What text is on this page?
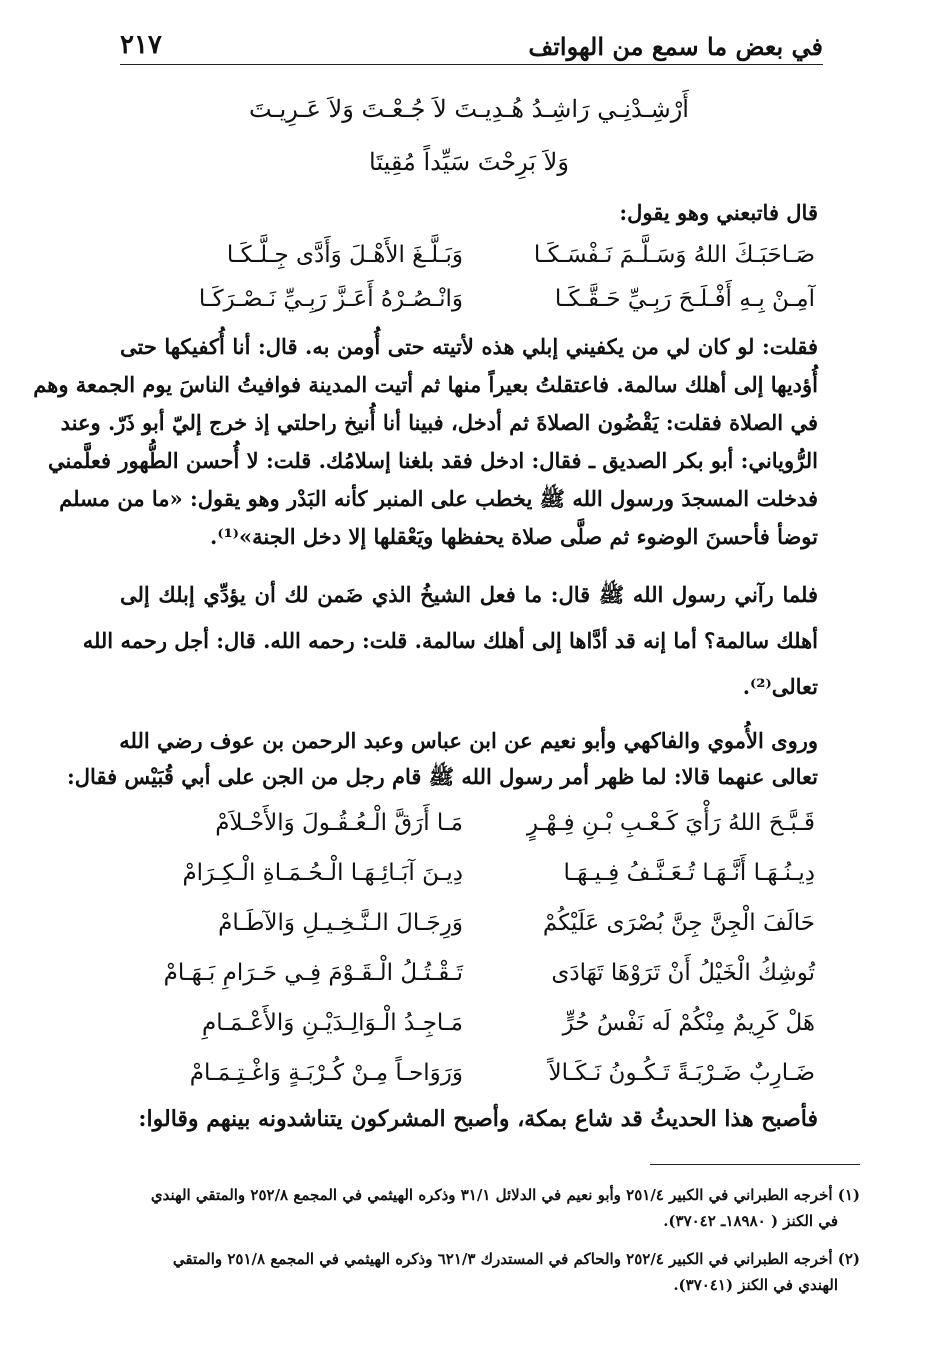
في بعض ما سمع من الهواتف
٢١٧
أَرْشِـدْنِـي رَاشِـدُ هُـدِيـتَ لاَ جُـعْـتَ وَلاَ عَـرِيـتَ
وَلاَ بَرِحْتَ سَيِّداً مُقِيتَا
قال فاتبعني وهو يقول:
صَـاحَبَـكَ اللهُ وَسَـلَّـمَ نَـفْسَـكَـا
وَبَـلَّـغَ الأَهْـلَ وَأَدَّى جِـلَّـكَـا
آمِـنْ بِـهِ أَفْـلَـحَ رَبِـيِّ حَـقَّـكَـا
وَانْـصُـرْهُ أَعَـزَّ رَبِـيِّ نَـصْـرَكَـا
فقلت: لو كان لي من يكفيني إبلي هذه لأتيته حتى أُومن به. قال: أنا أُكفيكها حتى
أُؤديها إلى أهلك سالمة. فاعتقلتُ بعيراً منها ثم أتيت المدينة فوافيتُ الناسَ يوم الجمعة وهم
في الصلاة فقلت: يَقْضُون الصلاةَ ثم أدخل، فبينا أنا أُنيخ راحلتي إذ خرج إليّ أبو ذَرّ. وعند
الرُّوياني: أبو بكر الصديق ـ فقال: ادخل فقد بلغنا إسلامُك. قلت: لا أُحسن الطُّهور فعلَّمني
فدخلت المسجدَ ورسول الله ﷺ يخطب على المنبر كأنه البَدْر وهو يقول: «ما من مسلم
توضأ فأحسنَ الوضوء ثم صلَّى صلاة يحفظها ويَعْقلها إلا دخل الجنة»⁽¹⁾.
فلما رآني رسول الله ﷺ قال: ما فعل الشيخُ الذي ضَمن لك أن يؤدِّي إبلك إلى
أهلك سالمة؟ أما إنه قد أدَّاها إلى أهلك سالمة. قلت: رحمه الله. قال: أجل رحمه الله
تعالى⁽²⁾.
وروى الأُموي والفاكهي وأبو نعيم عن ابن عباس وعبد الرحمن بن عوف رضي الله
تعالى عنهما قالا: لما ظهر أمر رسول الله ﷺ قام رجل من الجن على أبي قُبَيْس فقال:
قَـبَّـحَ اللهُ رَأْيَ كَـعْـبِ بْـنِ فِـهْـرٍ
مَـا أَرَقَّ الْـعُـقُـولَ وَالأَحْـلاَمْ
دِيـنُـهَـا أَنَّـهَـا تُـعَـنَّـفُ فِـيـهَـا
دِيـنَ آبَـائِـهَـا الْـحُـمَـاةِ الْـكِـرَامْ
حَالَفَ الْجِنَّ جِنَّ بُصْرَى عَلَيْكُمْ
وَرِجَـالَ الـنَّـخِـيـلِ وَالآطَـامْ
تُوشِكُ الْخَيْلُ أَنْ تَرَوْهَا تَهَادَى
تَـقْـتُـلُ الْـقَـوْمَ فِـي حَـرَامِ بَـهَـامْ
هَلْ كَرِيمٌ مِنْكُمْ لَه نَفْسُ حُرٍّ
مَـاجِـدُ الْـوَالِـدَيْـنِ وَالأَعْـمَـامِ
ضَـارِبٌ ضَـرْبَـةً تَـكُـونُ نَـكَـالاً
وَرَوَاحـاً مِـنْ كُـرْبَـةٍ وَاغْـتِـمَـامْ
فأصبح هذا الحديثُ قد شاع بمكة، وأصبح المشركون يتناشدونه بينهم وقالوا:
(١) أخرجه الطبراني في الكبير ٢٥١/٤ وأبو نعيم في الدلائل ٣١/١ وذكره الهيثمي في المجمع ٢٥٢/٨ والمتقي الهندي
في الكنز ( ١٨٩٨٠ـ ٣٧٠٤٢).
(٢) أخرجه الطبراني في الكبير ٢٥٢/٤ والحاكم في المستدرك ٦٢١/٣ وذكره الهيثمي في المجمع ٢٥١/٨ والمتقي
الهندي في الكنز (٣٧٠٤١).
